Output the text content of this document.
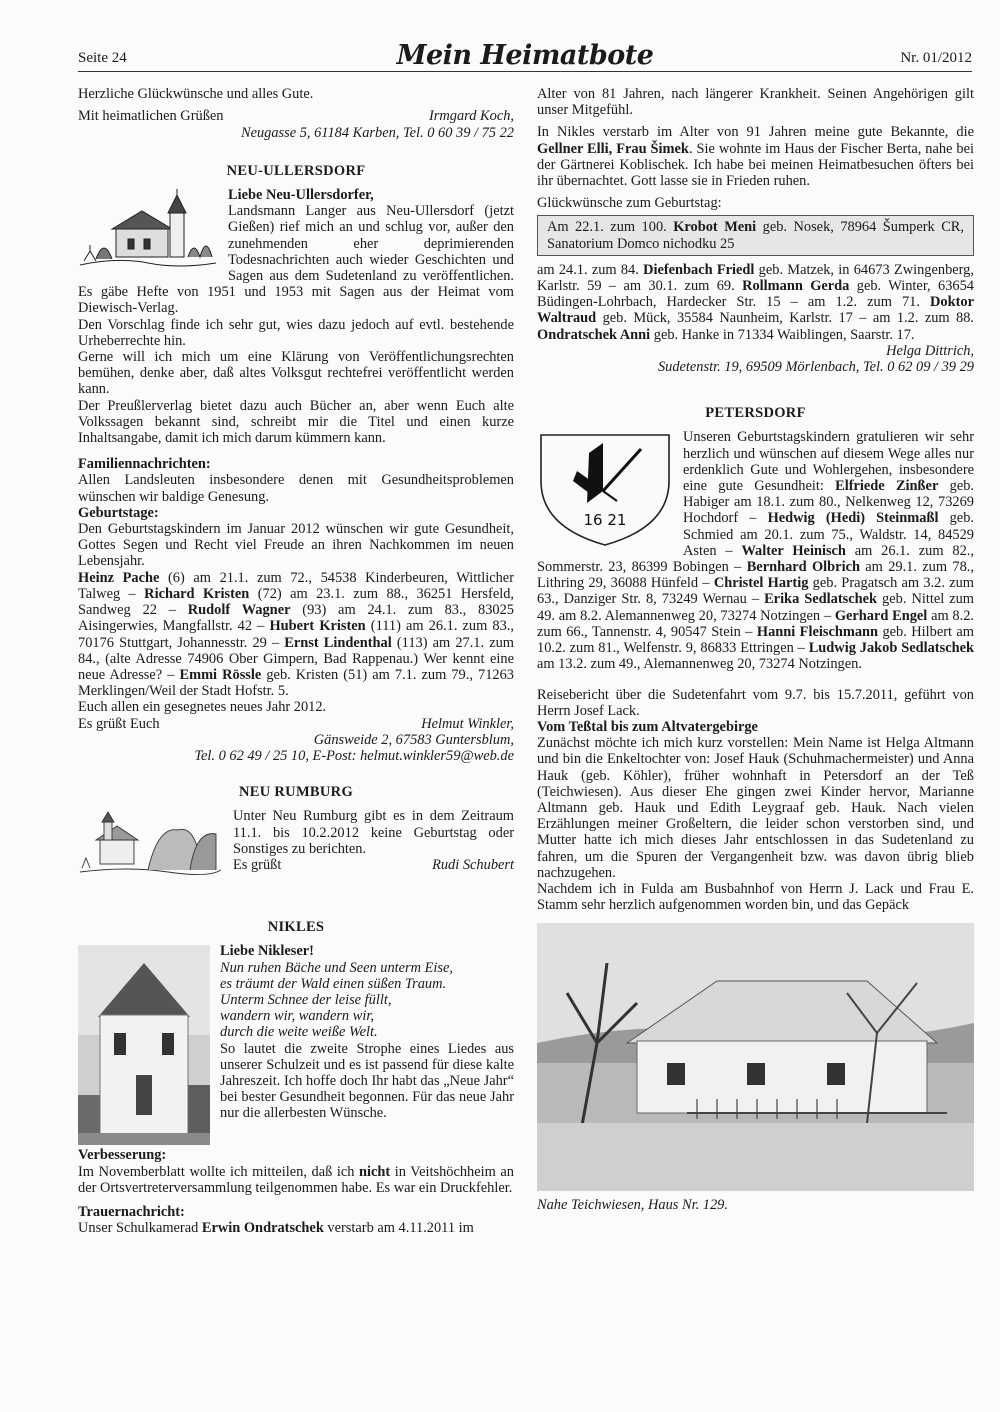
Seite 24	Mein Heimatbote	Nr. 01/2012

Herzliche Glückwünsche und alles Gute.

Mit heimatlichen Grüßen	Irmgard Koch,

Neugasse 5, 61184 Karben, Tel. 0 60 39 / 75 22

NEU-ULLERSDORF

Liebe Neu-Ullersdorfer,

Landsmann Langer aus Neu-Ullersdorf (jetzt Gießen) rief mich an und schlug vor, außer den zunehmenden eher deprimierenden Todesnachrichten auch wieder Geschichten und Sagen aus dem Sudetenland zu veröffentlichen. Es gäbe Hefte von 1951 und 1953 mit Sagen aus der Heimat vom Diewisch-Verlag.

Den Vorschlag finde ich sehr gut, wies dazu jedoch auf evtl. bestehende Urheberrechte hin.

Gerne will ich mich um eine Klärung von Veröffentlichungsrechten bemühen, denke aber, daß altes Volksgut rechtefrei veröffentlicht werden kann.

Der Preußlerverlag bietet dazu auch Bücher an, aber wenn Euch alte Volkssagen bekannt sind, schreibt mir die Titel und einen kurze Inhaltsangabe, damit ich mich darum kümmern kann.

Familiennachrichten:

Allen Landsleuten insbesondere denen mit Gesundheitsproblemen wünschen wir baldige Genesung.

Geburtstage:

Den Geburtstagskindern im Januar 2012 wünschen wir gute Gesundheit, Gottes Segen und Recht viel Freude an ihren Nachkommen im neuen Lebensjahr.

Heinz Pache (6) am 21.1. zum 72., 54538 Kinderbeuren, Wittlicher Talweg – Richard Kristen (72) am 23.1. zum 88., 36251 Hersfeld, Sandweg 22 – Rudolf Wagner (93) am 24.1. zum 83., 83025 Aisingerwies, Mangfallstr. 42 – Hubert Kristen (111) am 26.1. zum 83., 70176 Stuttgart, Johannesstr. 29 – Ernst Lindenthal (113) am 27.1. zum 84., (alte Adresse 74906 Ober Gimpern, Bad Rappenau.) Wer kennt eine neue Adresse? – Emmi Rössle geb. Kristen (51) am 7.1. zum 79., 71263 Merklingen/Weil der Stadt Hofstr. 5.

Euch allen ein gesegnetes neues Jahr 2012.

Es grüßt Euch	Helmut Winkler,

Gänsweide 2, 67583 Guntersblum,

Tel. 0 62 49 / 25 10, E-Post: helmut.winkler59@web.de

NEU RUMBURG

Unter Neu Rumburg gibt es in dem Zeitraum 11.1. bis 10.2.2012 keine Geburtstag oder Sonstiges zu berichten.

Es grüßt	Rudi Schubert
NIKLES

Liebe Nikleser!

Nun ruhen Bäche und Seen unterm Eise,

es träumt der Wald einen süßen Traum.

Unterm Schnee der leise füllt,

wandern wir, wandern wir,

durch die weite weiße Welt.

So lautet die zweite Strophe eines Liedes aus unserer Schulzeit und es ist passend für diese kalte Jahreszeit. Ich hoffe doch Ihr habt das „Neue Jahr“ bei bester Gesundheit begonnen. Für das neue Jahr nur die allerbesten Wünsche.

Verbesserung:

Im Novemberblatt wollte ich mitteilen, daß ich nicht in Veitshöchheim an der Ortsvertreterversammlung teilgenommen habe. Es war ein Druckfehler.

Trauernachricht:

Unser Schulkamerad Erwin Ondratschek verstarb am 4.11.2011 im

Alter von 81 Jahren, nach längerer Krankheit. Seinen Angehörigen gilt unser Mitgefühl.

In Nikles verstarb im Alter von 91 Jahren meine gute Bekannte, die Gellner Elli, Frau Šimek. Sie wohnte im Haus der Fischer Berta, nahe bei der Gärtnerei Koblischek. Ich habe bei meinen Heimatbesuchen öfters bei ihr übernachtet. Gott lasse sie in Frieden ruhen.

Glückwünsche zum Geburtstag:

Am 22.1. zum 100. Krobot Meni geb. Nosek, 78964 Šumperk CR, Sanatorium Domco nichodku 25

am 24.1. zum 84. Diefenbach Friedl geb. Matzek, in 64673 Zwingenberg, Karlstr. 59 – am 30.1. zum 69. Rollmann Gerda geb. Winter, 63654 Büdingen-Lohrbach, Hardecker Str. 15 – am 1.2. zum 71. Doktor Waltraud geb. Mück, 35584 Naunheim, Karlstr. 17 – am 1.2. zum 88. Ondratschek Anni geb. Hanke in 71334 Waiblingen, Saarstr. 17.

Helga Dittrich,

Sudetenstr. 19, 69509 Mörlenbach, Tel. 0 62 09 / 39 29

PETERSDORF
16 21

Unseren Geburtstagskindern gratulieren wir sehr herzlich und wünschen auf diesem Wege alles nur erdenklich Gute und Wohlergehen, insbesondere eine gute Gesundheit: Elfriede Zinßer geb. Habiger am 18.1. zum 80., Nelkenweg 12, 73269 Hochdorf – Hedwig (Hedi) Steinmaßl geb. Schmied am 20.1. zum 75., Waldstr. 14, 84529 Asten – Walter Heinisch am 26.1. zum 82., Sommerstr. 23, 86399 Bobingen – Bernhard Olbrich am 29.1. zum 78., Lithring 29, 36088 Hünfeld – Christel Hartig geb. Pragatsch am 3.2. zum 63., Danziger Str. 8, 73249 Wernau – Erika Sedlatschek geb. Nittel zum 49. am 8.2. Alemannenweg 20, 73274 Notzingen – Gerhard Engel am 8.2. zum 66., Tannenstr. 4, 90547 Stein – Hanni Fleischmann geb. Hilbert am 10.2. zum 81., Welfenstr. 9, 86833 Ettringen – Ludwig Jakob Sedlatschek am 13.2. zum 49., Alemannenweg 20, 73274 Notzingen.

Reisebericht über die Sudetenfahrt vom 9.7. bis 15.7.2011, geführt von Herrn Josef Lack.

Vom Teßtal bis zum Altvatergebirge

Zunächst möchte ich mich kurz vorstellen: Mein Name ist Helga Altmann und bin die Enkeltochter von: Josef Hauk (Schuhmachermeister) und Anna Hauk (geb. Köhler), früher wohnhaft in Petersdorf an der Teß (Teichwiesen). Aus dieser Ehe gingen zwei Kinder hervor, Marianne Altmann geb. Hauk und Edith Leygraaf geb. Hauk. Nach vielen Erzählungen meiner Großeltern, die leider schon verstorben sind, und Mutter hatte ich mich dieses Jahr entschlossen in das Sudetenland zu fahren, um die Spuren der Vergangenheit bzw. was davon übrig blieb nachzugehen.

Nachdem ich in Fulda am Busbahnhof von Herrn J. Lack und Frau E. Stamm sehr herzlich aufgenommen worden bin, und das Gepäck

Nahe Teichwiesen, Haus Nr. 129.
